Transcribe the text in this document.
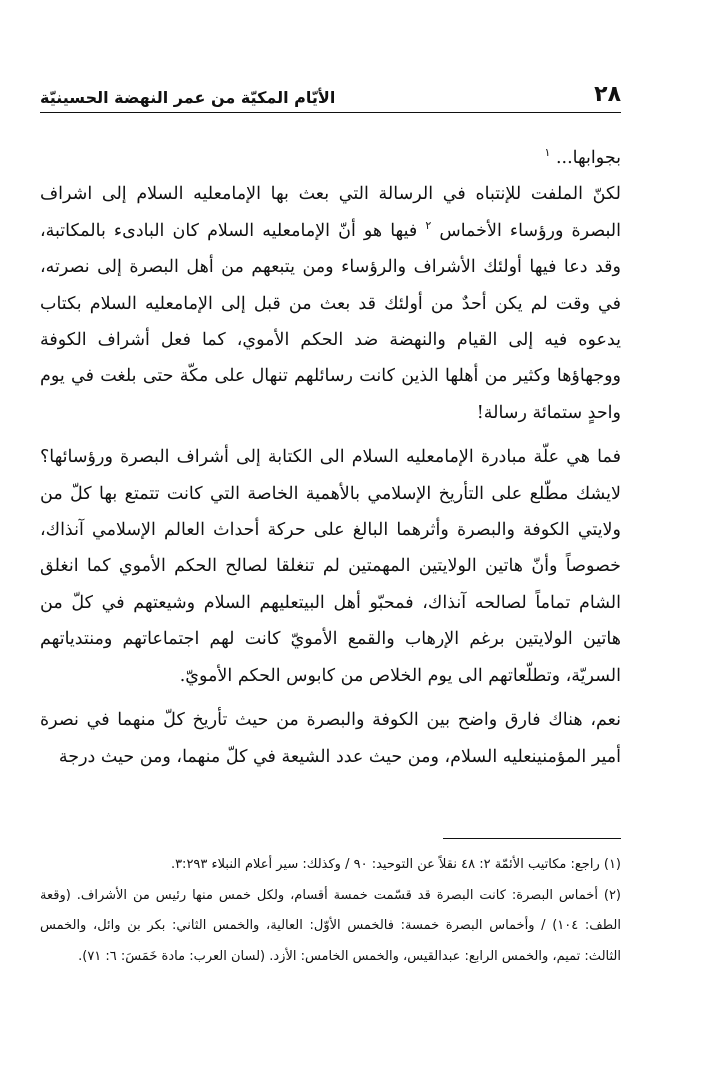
٢٨
الأيّام المكيّة من عمر النهضة الحسينيّة

بجوابها... $^١$

لكنّ الملفت للإنتباه في الرسالة التي بعث بها الإمامعليه السلام إلى اشراف البصرة ورؤساء الأخماس $^٢$ فيها هو أنّ الإمامعليه السلام كان البادىء بالمكاتبة، وقد دعا فيها أولئك الأشراف والرؤساء ومن يتبعهم من أهل البصرة إلى نصرته، في وقت لم يكن أحدٌ من أولئك قد بعث من قبل إلى الإمامعليه السلام بكتاب يدعوه فيه إلى القيام والنهضة ضد الحكم الأموي، كما فعل أشراف الكوفة ووجهاؤها وكثير من أهلها الذين كانت رسائلهم تنهال على مكّة حتى بلغت في يوم واحدٍ ستمائة رسالة!

فما هي علّة مبادرة الإمامعليه السلام الى الكتابة إلى أشراف البصرة ورؤسائها؟ لايشك مطّلع على التأريخ الإسلامي بالأهمية الخاصة التي كانت تتمتع بها كلّ من ولايتي الكوفة والبصرة وأثرهما البالغ على حركة أحداث العالم الإسلامي آنذاك، خصوصاً وأنّ هاتين الولايتين المهمتين لم تنغلقا لصالح الحكم الأموي كما انغلق الشام تماماً لصالحه آنذاك، فمحبّو أهل البيتعليهم السلام وشيعتهم في كلّ من هاتين الولايتين برغم الإرهاب والقمع الأمويّ كانت لهم اجتماعاتهم ومنتدياتهم السريّة، وتطلّعاتهم الى يوم الخلاص من كابوس الحكم الأمويّ.

نعم، هناك فارق واضح بين الكوفة والبصرة من حيث تأريخ كلّ منهما في نصرة أمير المؤمنينعليه السلام، ومن حيث عدد الشيعة في كلّ منهما، ومن حيث درجة

(١) راجع: مكاتيب الأئمّة ٢: ٤٨ نقلاً عن التوحيد: ٩٠ / وكذلك: سير أعلام النبلاء ٣:٢٩٣.

(٢) أخماس البصرة: كانت البصرة قد قسّمت خمسة أقسام، ولكل خمس منها رئيس من الأشراف. (وقعة الطف: ١٠٤) / وأخماس البصرة خمسة: فالخمس الأوّل: العالية، والخمس الثاني: بكر بن وائل، والخمس الثالث: تميم، والخمس الرابع: عبدالقيس، والخمس الخامس: الأزد. (لسان العرب: مادة خَمَسَ: ٦: ٧١).
